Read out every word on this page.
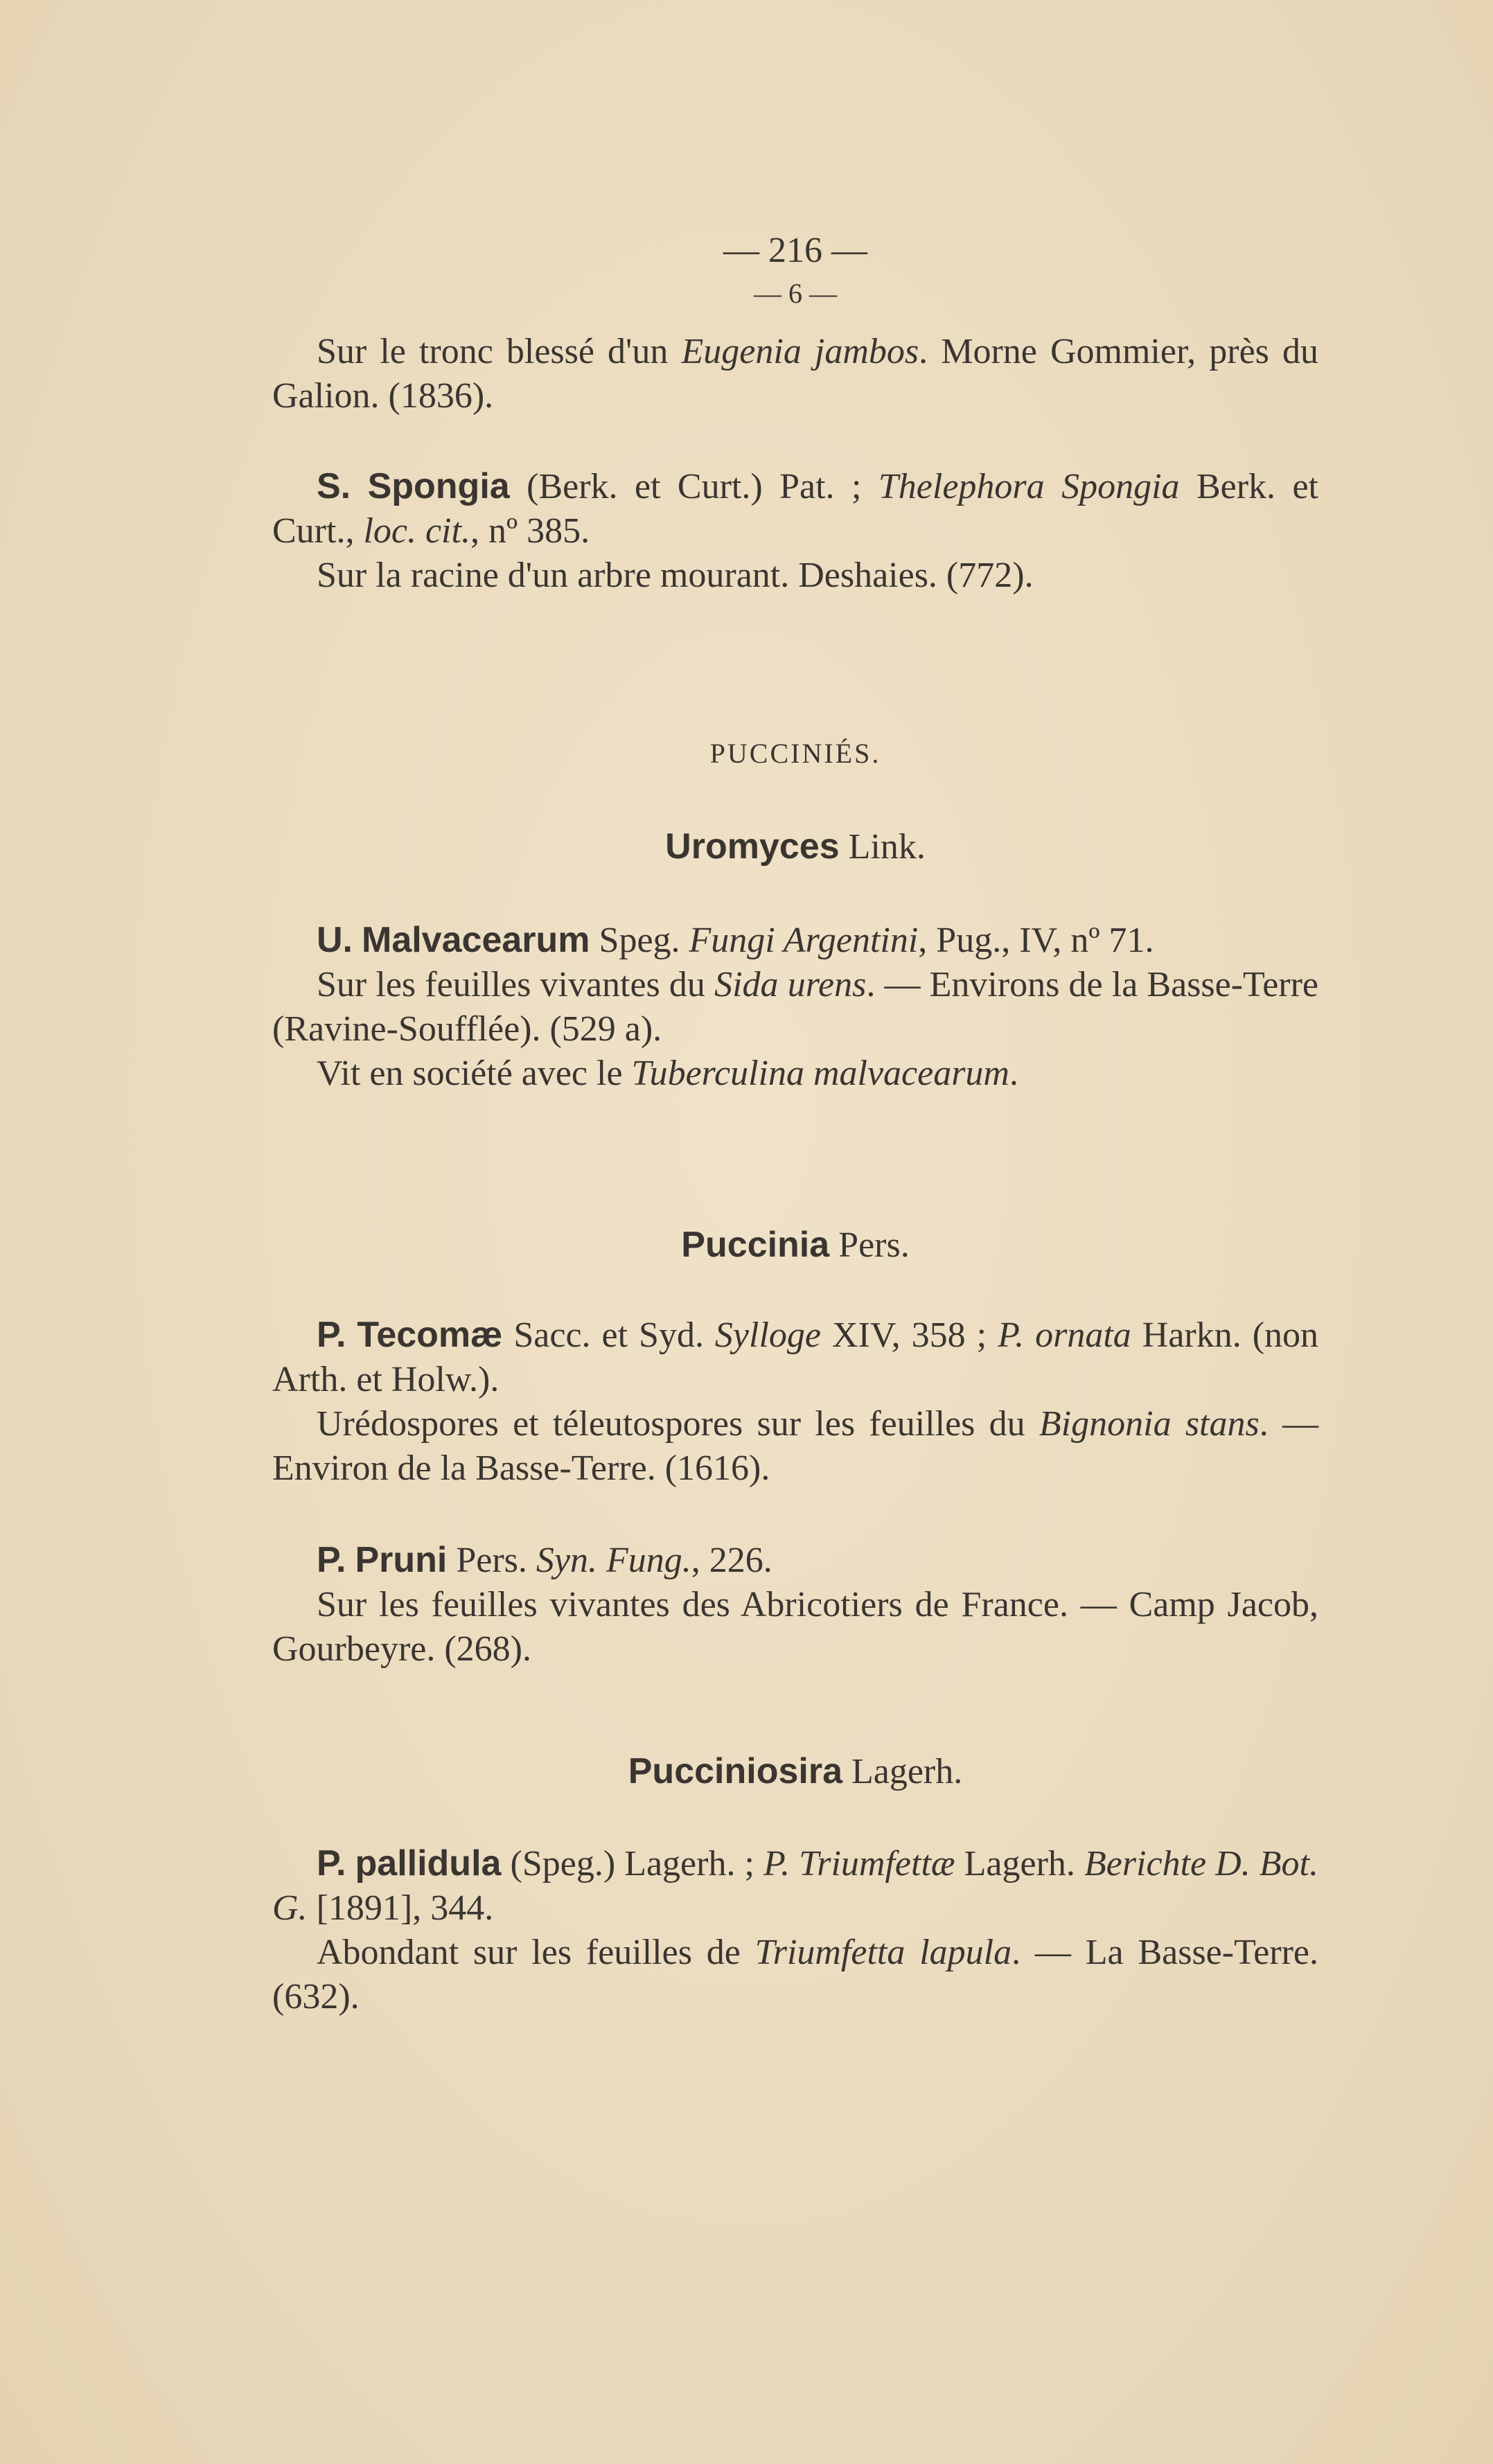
— 216 —
— 6 —

Sur le tronc blessé d'un Eugenia jambos. Morne Gommier, près du Galion. (1836).

S. Spongia (Berk. et Curt.) Pat. ; Thelephora Spongia Berk. et Curt., loc. cit., nº 385.

Sur la racine d'un arbre mourant. Deshaies. (772).

PUCCINIÉS.
Uromyces Link.

U. Malvacearum Speg. Fungi Argentini, Pug., IV, nº 71.

Sur les feuilles vivantes du Sida urens. — Environs de la Basse-Terre (Ravine-Soufflée). (529 a).

Vit en société avec le Tuberculina malvacearum.

Puccinia Pers.

P. Tecomæ Sacc. et Syd. Sylloge XIV, 358 ; P. ornata Harkn. (non Arth. et Holw.).

Urédospores et téleutospores sur les feuilles du Bignonia stans. — Environ de la Basse-Terre. (1616).

P. Pruni Pers. Syn. Fung., 226.

Sur les feuilles vivantes des Abricotiers de France. — Camp Jacob, Gourbeyre. (268).

Pucciniosira Lagerh.

P. pallidula (Speg.) Lagerh. ; P. Triumfettæ Lagerh. Berichte D. Bot. G. [1891], 344.

Abondant sur les feuilles de Triumfetta lapula. — La Basse-Terre. (632).
